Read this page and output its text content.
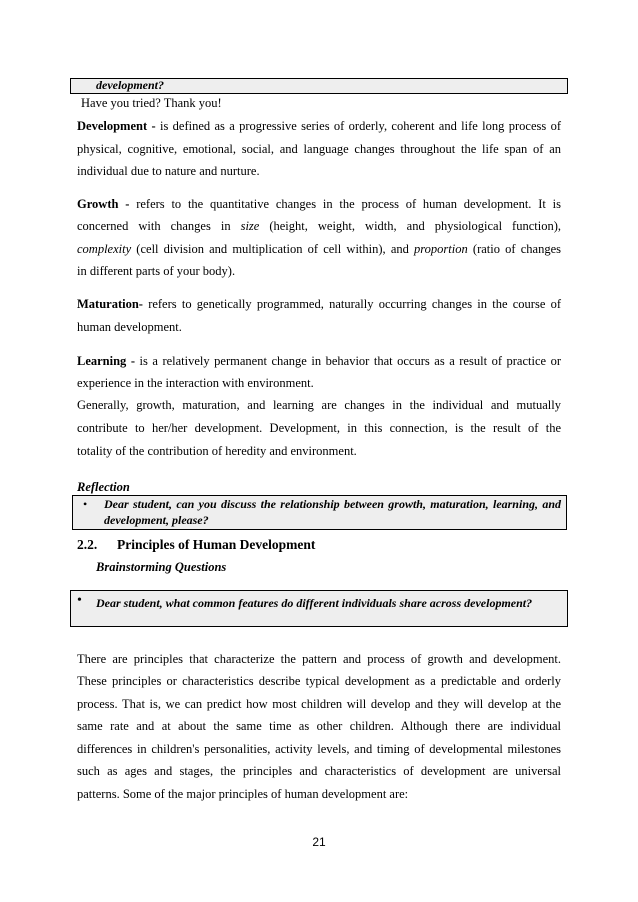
development?
Have you tried? Thank you!
Development - is defined as a progressive series of orderly, coherent and life long process of
physical, cognitive, emotional, social, and language changes throughout the life span of an
individual due to nature and nurture.
Growth - refers to the quantitative changes in the process of human development. It is
concerned with changes in size (height, weight, width, and physiological function),
complexity (cell division and multiplication of cell within), and proportion (ratio of changes
in different parts of your body).
Maturation- refers to genetically programmed, naturally occurring changes in the course of
human development.
Learning - is a relatively permanent change in behavior that occurs as a result of practice or
experience in the interaction with environment.
Generally, growth, maturation, and learning are changes in the individual and mutually
contribute to her/her development. Development, in this connection, is the result of the
totality of the contribution of heredity and environment.
Reflection
• Dear student, can you discuss the relationship between growth, maturation, learning, and
development, please?
2.2. Principles of Human Development
Brainstorming Questions
• Dear student, what common features do different individuals share across development?
There are principles that characterize the pattern and process of growth and development.
These principles or characteristics describe typical development as a predictable and orderly
process. That is, we can predict how most children will develop and they will develop at the
same rate and at about the same time as other children. Although there are individual
differences in children's personalities, activity levels, and timing of developmental milestones
such as ages and stages, the principles and characteristics of development are universal
patterns. Some of the major principles of human development are:
21
